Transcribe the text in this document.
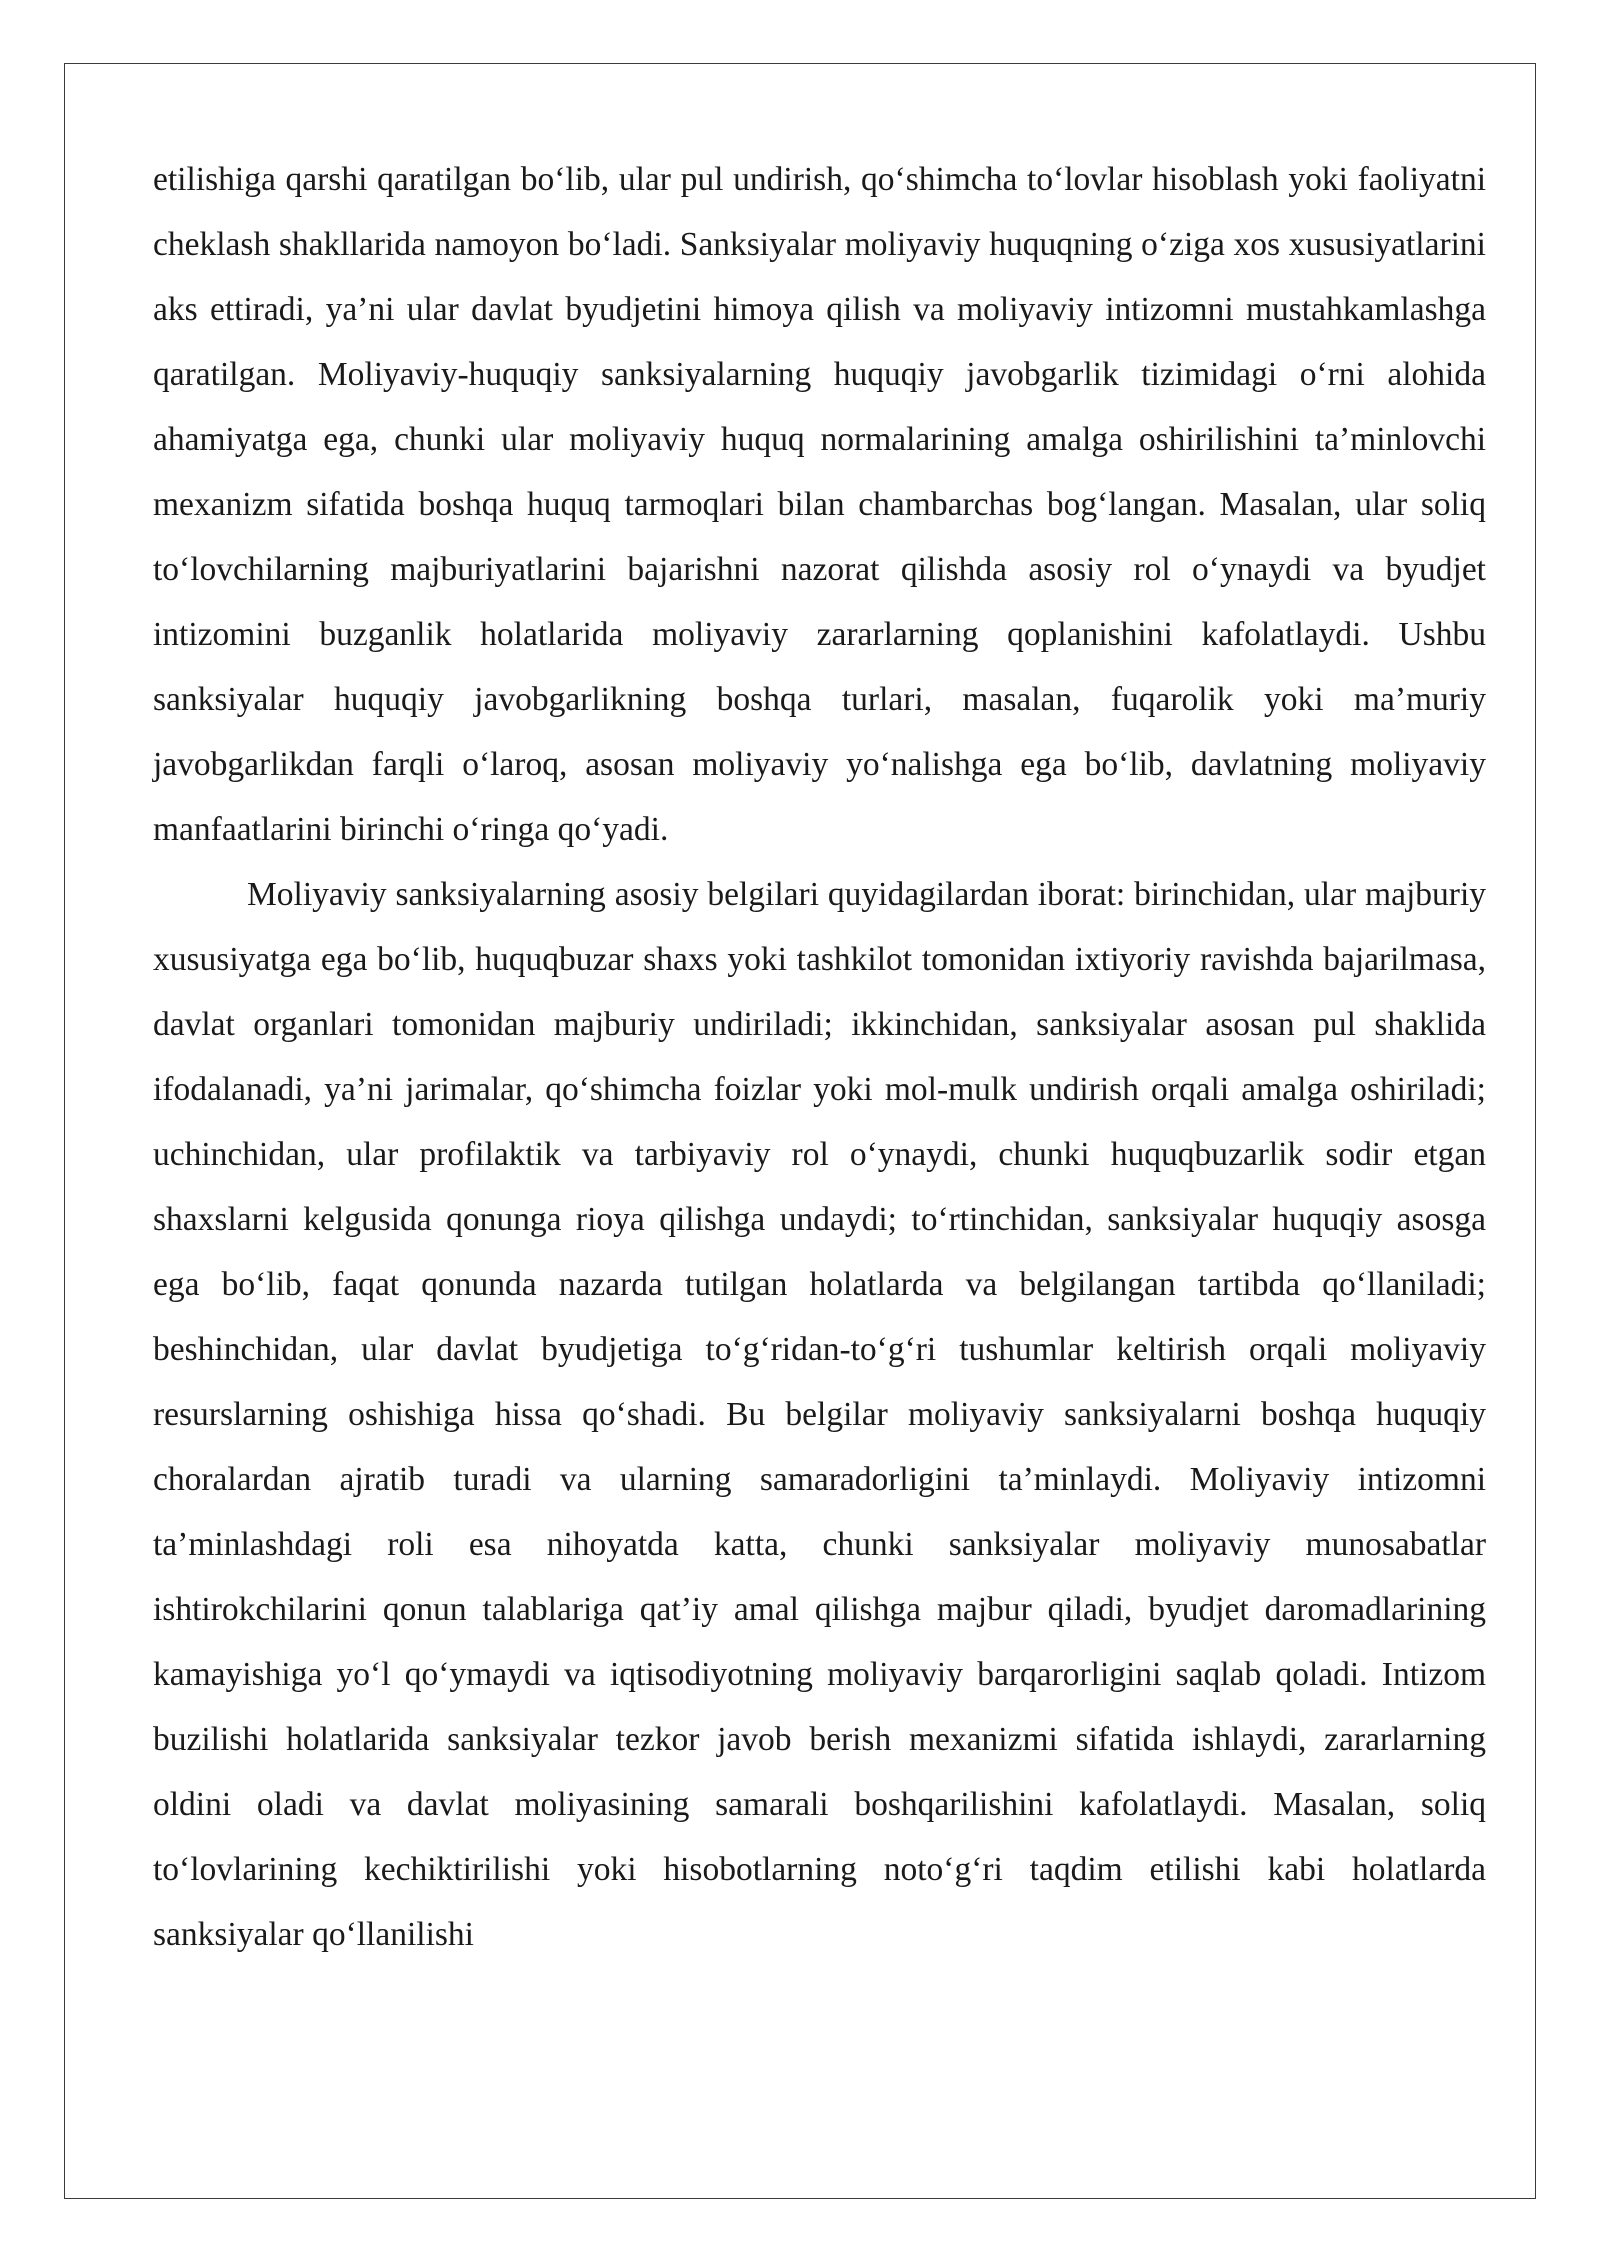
etilishiga qarshi qaratilgan bo‘lib, ular pul undirish, qo‘shimcha to‘lovlar hisoblash yoki faoliyatni cheklash shakllarida namoyon bo‘ladi. Sanksiyalar moliyaviy huquqning o‘ziga xos xususiyatlarini aks ettiradi, ya’ni ular davlat byudjetini himoya qilish va moliyaviy intizomni mustahkamlashga qaratilgan. Moliyaviy-huquqiy sanksiyalarning huquqiy javobgarlik tizimidagi o‘rni alohida ahamiyatga ega, chunki ular moliyaviy huquq normalarining amalga oshirilishini ta’minlovchi mexanizm sifatida boshqa huquq tarmoqlari bilan chambarchas bog‘langan. Masalan, ular soliq to‘lovchilarning majburiyatlarini bajarishni nazorat qilishda asosiy rol o‘ynaydi va byudjet intizomini buzganlik holatlarida moliyaviy zararlarning qoplanishini kafolatlaydi. Ushbu sanksiyalar huquqiy javobgarlikning boshqa turlari, masalan, fuqarolik yoki ma’muriy javobgarlikdan farqli o‘laroq, asosan moliyaviy yo‘nalishga ega bo‘lib, davlatning moliyaviy manfaatlarini birinchi o‘ringa qo‘yadi.

Moliyaviy sanksiyalarning asosiy belgilari quyidagilardan iborat: birinchidan, ular majburiy xususiyatga ega bo‘lib, huquqbuzar shaxs yoki tashkilot tomonidan ixtiyoriy ravishda bajarilmasa, davlat organlari tomonidan majburiy undiriladi; ikkinchidan, sanksiyalar asosan pul shaklida ifodalanadi, ya’ni jarimalar, qo‘shimcha foizlar yoki mol-mulk undirish orqali amalga oshiriladi; uchinchidan, ular profilaktik va tarbiyaviy rol o‘ynaydi, chunki huquqbuzarlik sodir etgan shaxslarni kelgusida qonunga rioya qilishga undaydi; to‘rtinchidan, sanksiyalar huquqiy asosga ega bo‘lib, faqat qonunda nazarda tutilgan holatlarda va belgilangan tartibda qo‘llaniladi; beshinchidan, ular davlat byudjetiga to‘g‘ridan-to‘g‘ri tushumlar keltirish orqali moliyaviy resurslarning oshishiga hissa qo‘shadi. Bu belgilar moliyaviy sanksiyalarni boshqa huquqiy choralardan ajratib turadi va ularning samaradorligini ta’minlaydi. Moliyaviy intizomni ta’minlashdagi roli esa nihoyatda katta, chunki sanksiyalar moliyaviy munosabatlar ishtirokchilarini qonun talablariga qat’iy amal qilishga majbur qiladi, byudjet daromadlarining kamayishiga yo‘l qo‘ymaydi va iqtisodiyotning moliyaviy barqarorligini saqlab qoladi. Intizom buzilishi holatlarida sanksiyalar tezkor javob berish mexanizmi sifatida ishlaydi, zararlarning oldini oladi va davlat moliyasining samarali boshqarilishini kafolatlaydi. Masalan, soliq to‘lovlarining kechiktirilishi yoki hisobotlarning noto‘g‘ri taqdim etilishi kabi holatlarda sanksiyalar qo‘llanilishi
